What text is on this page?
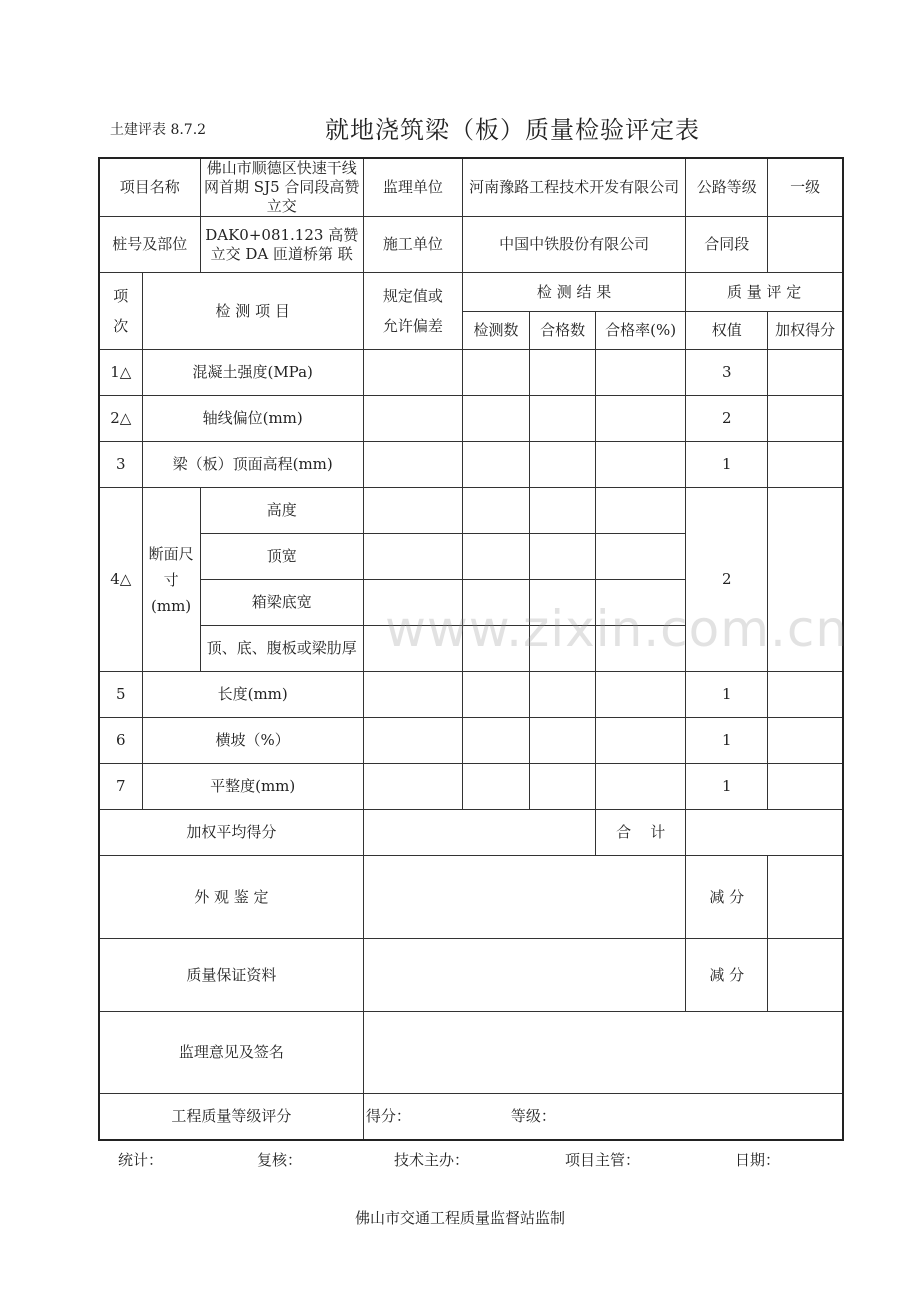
土建评表 8.7.2	就地浇筑梁（板）质量检验评定表
项目名称		佛山市顺德区快速干线网首期 SJ5 合同段高赞立交	监理单位	河南豫路工程技术开发有限公司			公路等级	一级
桩号及部位		DAK0+081.123 高赞立交 DA 匝道桥第 联	施工单位	中国中铁股份有限公司			合同段	
项次	检 测 项 目		规定值或允许偏差	检 测 结 果			质 量 评 定	
				检测数	合格数	合格率(%)	权值	加权得分
1△	混凝土强度(MPa)						3	
2△	轴线偏位(mm)						2	
3	梁（板）顶面高程(mm)						1	
4△	断面尺寸(mm)	高度					2	
		顶宽						
		箱梁底宽						
		顶、底、腹板或梁肋厚						
5	长度(mm)						1	
6	横坡（%）						1	
7	平整度(mm)						1	
加权平均得分						合    计		
外 观 鉴 定							减 分	
质量保证资料							减 分	
监理意见及签名								
工程质量等级评分			得分： 等级：					
统计：	复核：	技术主办：	项目主管：	日期：
佛山市交通工程质量监督站监制
www.zixin.com.cn
